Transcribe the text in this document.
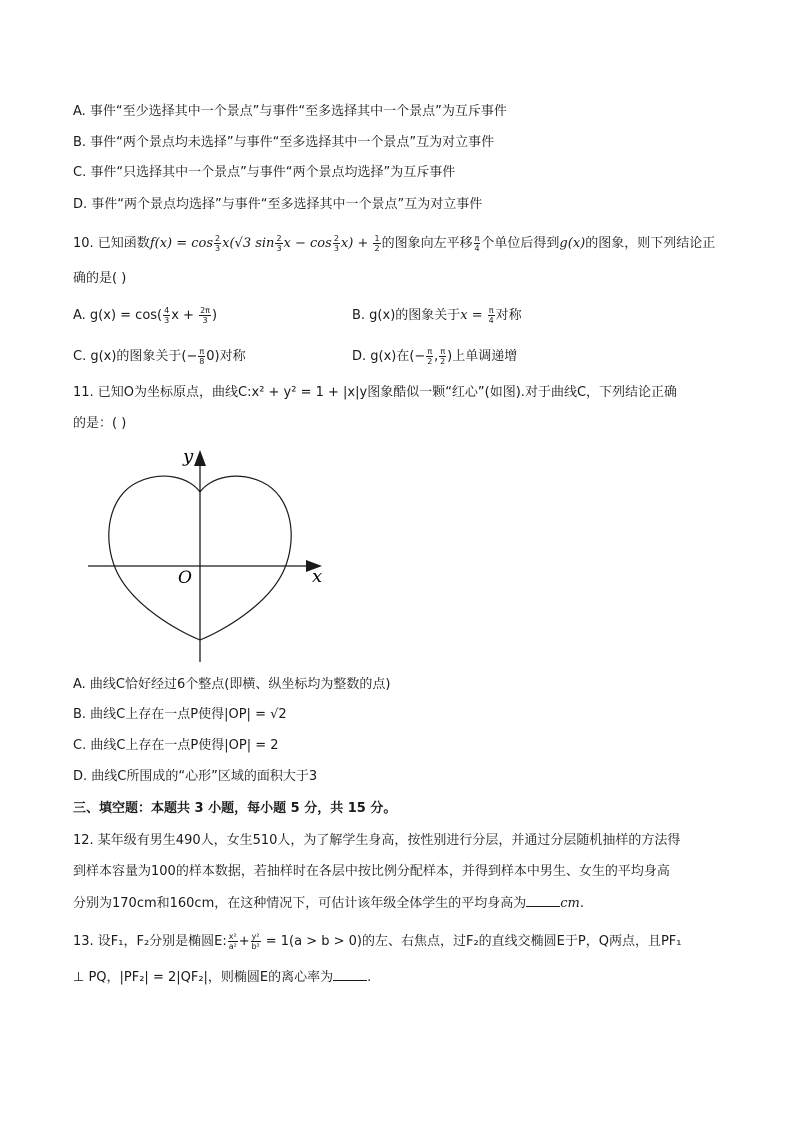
A. 事件“至少选择其中一个景点”与事件“至多选择其中一个景点”为互斥事件
B. 事件“两个景点均未选择”与事件“至多选择其中一个景点”互为对立事件
C. 事件“只选择其中一个景点”与事件“两个景点均选择”为互斥事件
D. 事件“两个景点均选择”与事件“至多选择其中一个景点”互为对立事件
10. 已知函数$f(x) = \cos \frac{2}{3} x(√3$ $\sin \frac{2}{3}$ $x - \cos \frac{2}{3} x) + \frac{1}{2}$ 的图象向左平移 $\frac{\pi}{4}$ 个单位后得到g(x)的图象，则下列结论正
确的是( )
A. $g(x) = \cos( \frac{4}{3}$ $x + \frac{2\pi}{3}$ )	B. g(x)的图象关于$x = \frac{\pi}{4}$ 对称
C. g(x)的图象关于(− $\frac{\pi}{8} 0$)对称	D. g(x)在(− $\frac{\pi}{2}$ , $\frac{\pi}{2}$ )上单调递增
11. 已知O为坐标原点，曲线C:x² + y² = 1 + |x|y图象酷似一颗“红心”(如图).对于曲线C，下列结论正确
的是：( )
y
x
O
A. 曲线C恰好经过6个整点(即横、纵坐标均为整数的点)
B. 曲线C上存在一点P使得|OP| = √2
C. 曲线C上存在一点P使得|OP| = 2
D. 曲线C所围成的“心形”区域的面积大于3
三、填空题：本题共 3 小题，每小题 5 分，共 15 分。
12. 某年级有男生490人，女生510人，为了解学生身高，按性别进行分层，并通过分层随机抽样的方法得
到样本容量为100的样本数据，若抽样时在各层中按比例分配样本，并得到样本中男生、女生的平均身高
分别为170cm和160cm，在这种情况下，可估计该年级全体学生的平均身高为	cm.
13. 设F₁，F₂分别是椭圆E: $\frac{\text{x²}}{\text{a²}} + \frac{\text{y²}}{\text{b²}} = 1(a > b > 0)$的左、右焦点，过F₂的直线交椭圆E于P，Q两点，且PF₁
⊥ PQ，|PF₂| = 2|QF₂|，则椭圆E的离心率为	.
